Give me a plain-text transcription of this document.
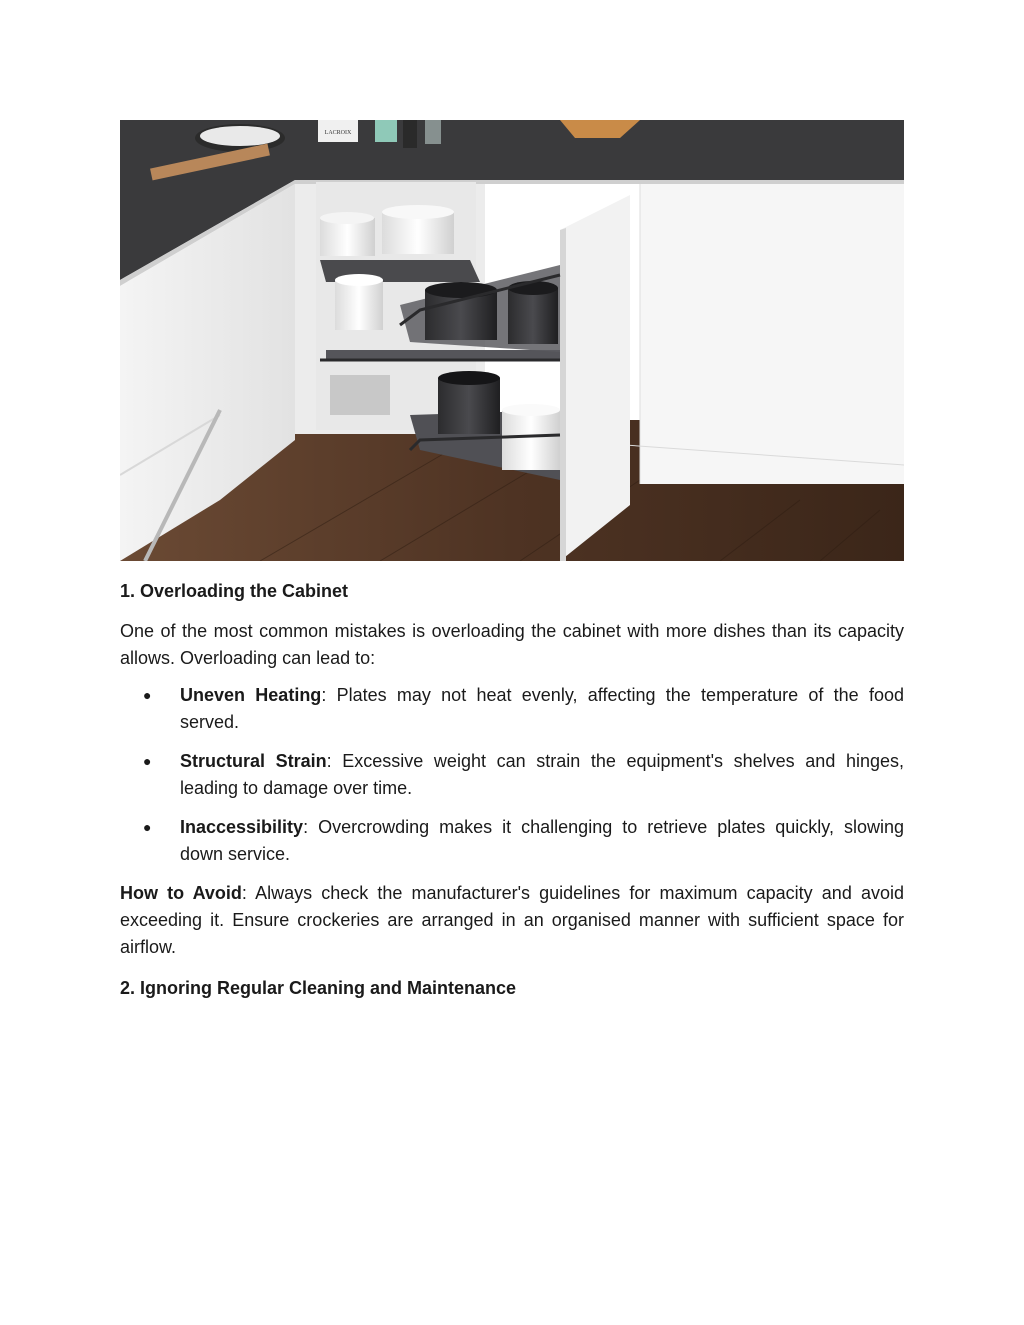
LACROIX
1. Overloading the Cabinet

One of the most common mistakes is overloading the cabinet with more dishes than its capacity allows. Overloading can lead to:

● Uneven Heating: Plates may not heat evenly, affecting the temperature of the food served.
● Structural Strain: Excessive weight can strain the equipment's shelves and hinges, leading to damage over time.
● Inaccessibility: Overcrowding makes it challenging to retrieve plates quickly, slowing down service.

How to Avoid: Always check the manufacturer's guidelines for maximum capacity and avoid exceeding it. Ensure crockeries are arranged in an organised manner with sufficient space for airflow.

2. Ignoring Regular Cleaning and Maintenance
